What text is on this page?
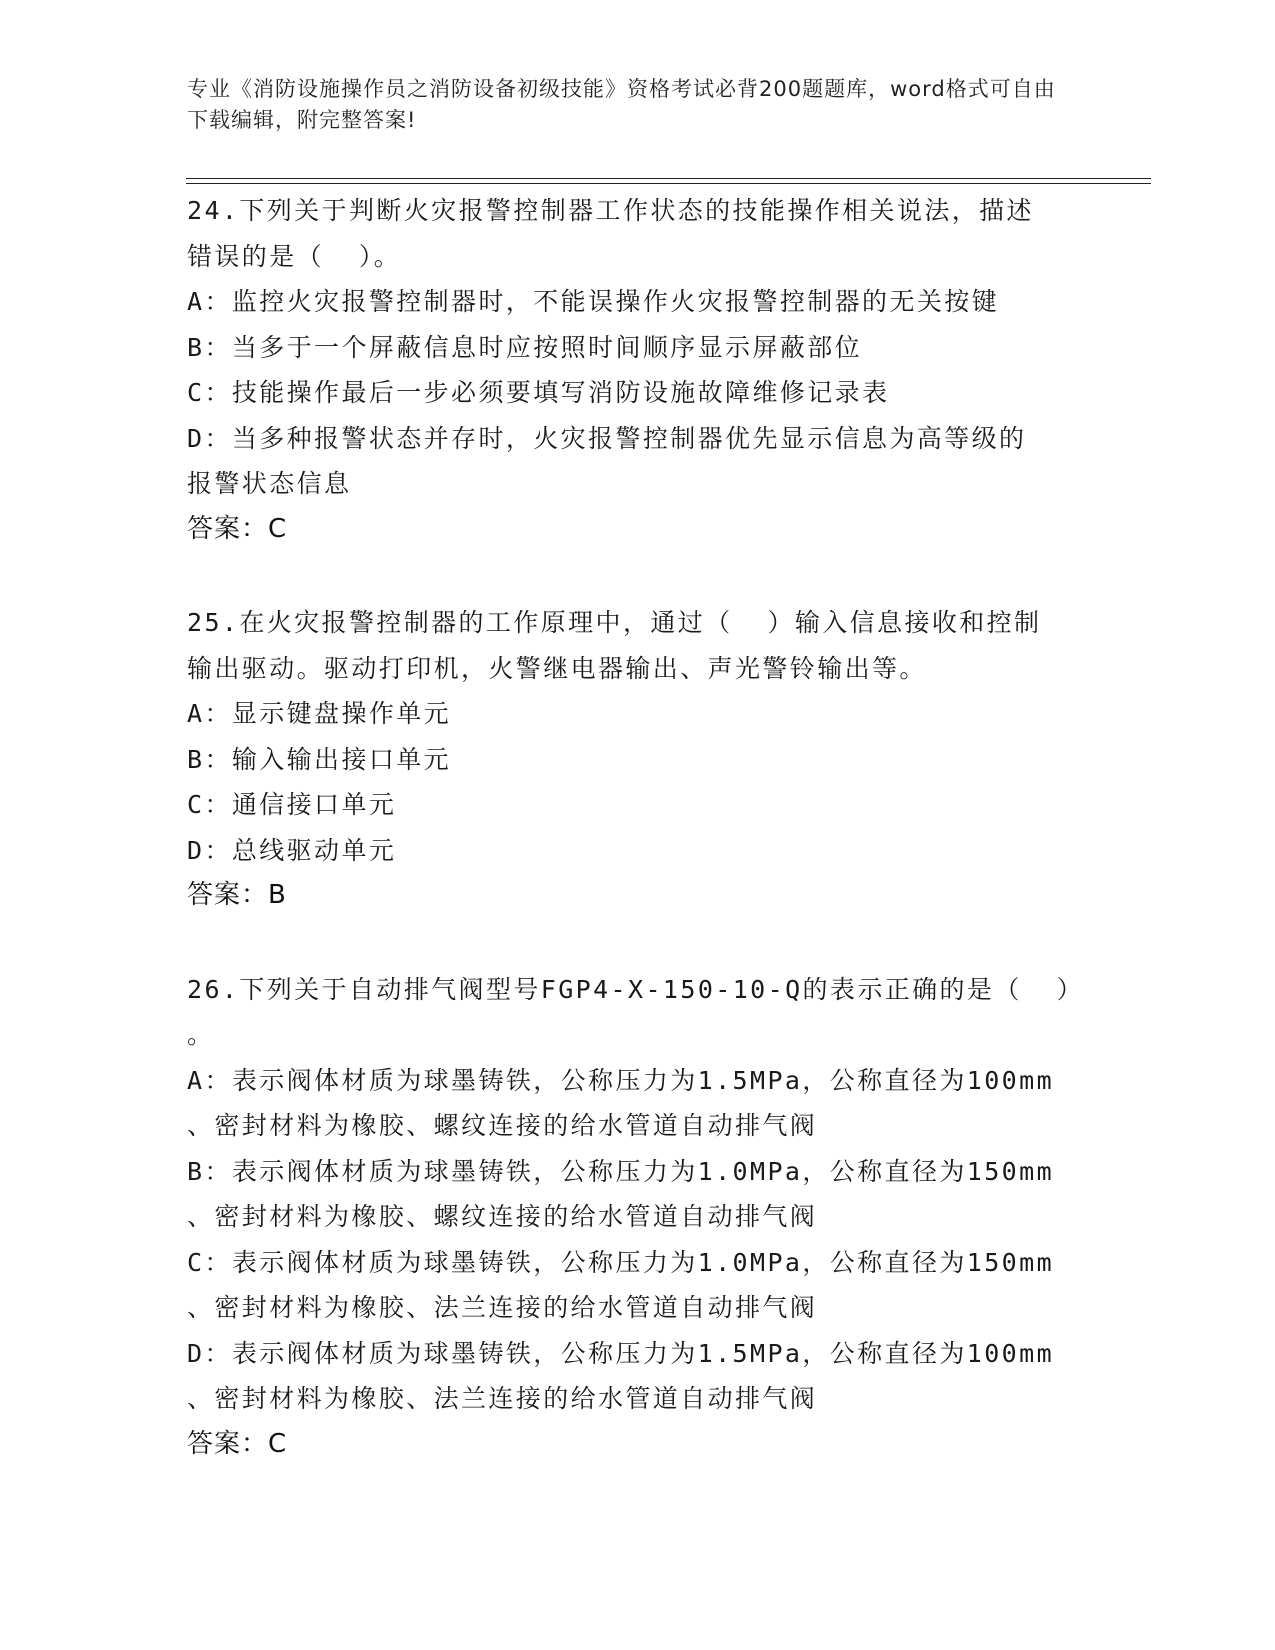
专业《消防设施操作员之消防设备初级技能》资格考试必背200题题库，word格式可自由下载编辑，附完整答案!
24.下列关于判断火灾报警控制器工作状态的技能操作相关说法，描述
错误的是（  ）。
A：监控火灾报警控制器时，不能误操作火灾报警控制器的无关按键
B：当多于一个屏蔽信息时应按照时间顺序显示屏蔽部位
C：技能操作最后一步必须要填写消防设施故障维修记录表
D：当多种报警状态并存时，火灾报警控制器优先显示信息为高等级的
报警状态信息
答案：C
25.在火灾报警控制器的工作原理中，通过（  ）输入信息接收和控制
输出驱动。驱动打印机，火警继电器输出、声光警铃输出等。
A：显示键盘操作单元
B：输入输出接口单元
C：通信接口单元
D：总线驱动单元
答案：B
26.下列关于自动排气阀型号FGP4-X-150-10-Q的表示正确的是（  ）
。
A：表示阀体材质为球墨铸铁，公称压力为1.5MPa，公称直径为100mm
、密封材料为橡胶、螺纹连接的给水管道自动排气阀
B：表示阀体材质为球墨铸铁，公称压力为1.0MPa，公称直径为150mm
、密封材料为橡胶、螺纹连接的给水管道自动排气阀
C：表示阀体材质为球墨铸铁，公称压力为1.0MPa，公称直径为150mm
、密封材料为橡胶、法兰连接的给水管道自动排气阀
D：表示阀体材质为球墨铸铁，公称压力为1.5MPa，公称直径为100mm
、密封材料为橡胶、法兰连接的给水管道自动排气阀
答案：C
